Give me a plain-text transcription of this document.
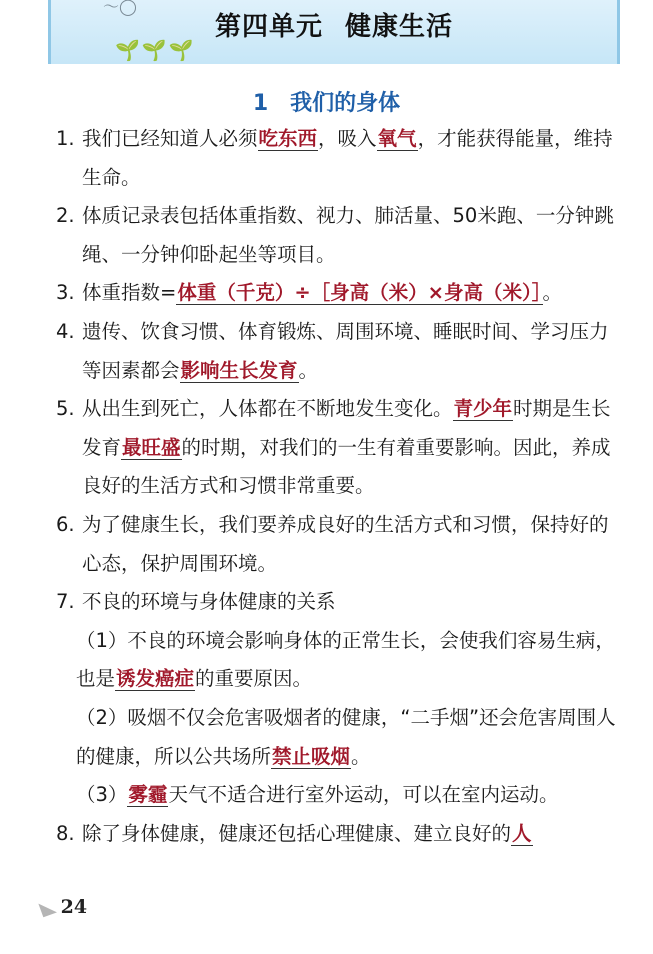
〜◯
第四单元 健康生活
🌱🌱🌱
1 我们的身体
1. 我们已经知道人必须吃东西，吸入氧气，才能获得能量，维持生命。
2. 体质记录表包括体重指数、视力、肺活量、50米跑、一分钟跳绳、一分钟仰卧起坐等项目。
3. 体重指数=体重（千克）÷［身高（米）×身高（米）］。
4. 遗传、饮食习惯、体育锻炼、周围环境、睡眠时间、学习压力等因素都会影响生长发育。
5. 从出生到死亡，人体都在不断地发生变化。青少年时期是生长发育最旺盛的时期，对我们的一生有着重要影响。因此，养成良好的生活方式和习惯非常重要。
6. 为了健康生长，我们要养成良好的生活方式和习惯，保持好的心态，保护周围环境。
7. 不良的环境与身体健康的关系
（1）不良的环境会影响身体的正常生长，会使我们容易生病，也是诱发癌症的重要原因。
（2）吸烟不仅会危害吸烟者的健康，“二手烟”还会危害周围人的健康，所以公共场所禁止吸烟。
（3）雾霾天气不适合进行室外运动，可以在室内运动。
8. 除了身体健康，健康还包括心理健康、建立良好的人
◣ 24
